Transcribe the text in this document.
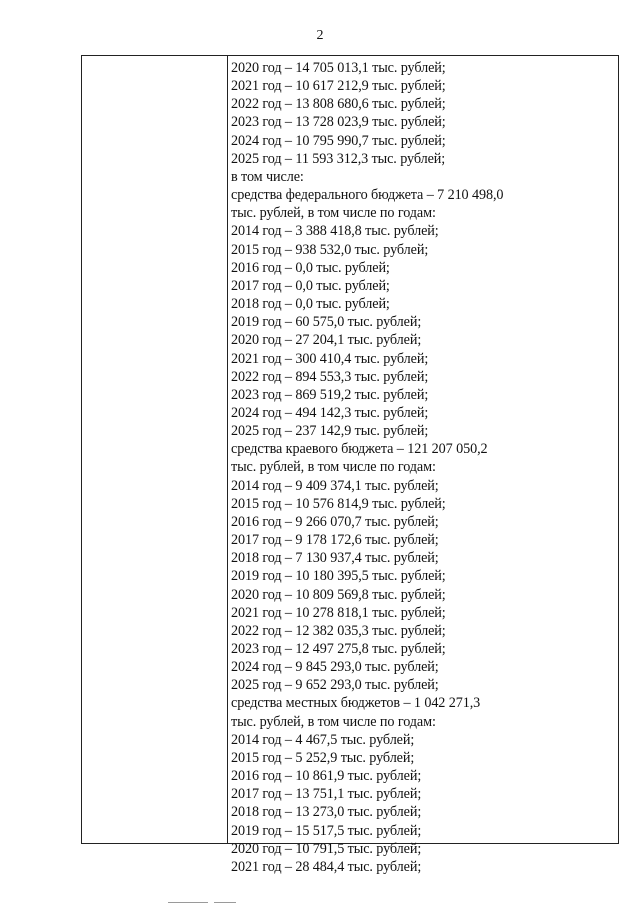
2
2020 год – 14 705 013,1 тыс. рублей;
2021 год – 10 617 212,9 тыс. рублей;
2022 год – 13 808 680,6 тыс. рублей;
2023 год – 13 728 023,9 тыс. рублей;
2024 год – 10 795 990,7 тыс. рублей;
2025 год – 11 593 312,3 тыс. рублей;
в том числе:
средства федерального бюджета – 7 210 498,0
тыс. рублей, в том числе по годам:
2014 год – 3 388 418,8 тыс. рублей;
2015 год – 938 532,0 тыс. рублей;
2016 год – 0,0 тыс. рублей;
2017 год – 0,0 тыс. рублей;
2018 год – 0,0 тыс. рублей;
2019 год – 60 575,0 тыс. рублей;
2020 год – 27 204,1 тыс. рублей;
2021 год – 300 410,4 тыс. рублей;
2022 год – 894 553,3 тыс. рублей;
2023 год – 869 519,2 тыс. рублей;
2024 год – 494 142,3 тыс. рублей;
2025 год – 237 142,9 тыс. рублей;
средства краевого бюджета – 121 207 050,2
тыс. рублей, в том числе по годам:
2014 год – 9 409 374,1 тыс. рублей;
2015 год – 10 576 814,9 тыс. рублей;
2016 год – 9 266 070,7 тыс. рублей;
2017 год – 9 178 172,6 тыс. рублей;
2018 год – 7 130 937,4 тыс. рублей;
2019 год – 10 180 395,5 тыс. рублей;
2020 год – 10 809 569,8 тыс. рублей;
2021 год – 10 278 818,1 тыс. рублей;
2022 год – 12 382 035,3 тыс. рублей;
2023 год – 12 497 275,8 тыс. рублей;
2024 год – 9 845 293,0 тыс. рублей;
2025 год – 9 652 293,0 тыс. рублей;
средства местных бюджетов – 1 042 271,3
тыс. рублей, в том числе по годам:
2014 год – 4 467,5 тыс. рублей;
2015 год – 5 252,9 тыс. рублей;
2016 год – 10 861,9 тыс. рублей;
2017 год – 13 751,1 тыс. рублей;
2018 год – 13 273,0 тыс. рублей;
2019 год – 15 517,5 тыс. рублей;
2020 год – 10 791,5 тыс. рублей;
2021 год – 28 484,4 тыс. рублей;
